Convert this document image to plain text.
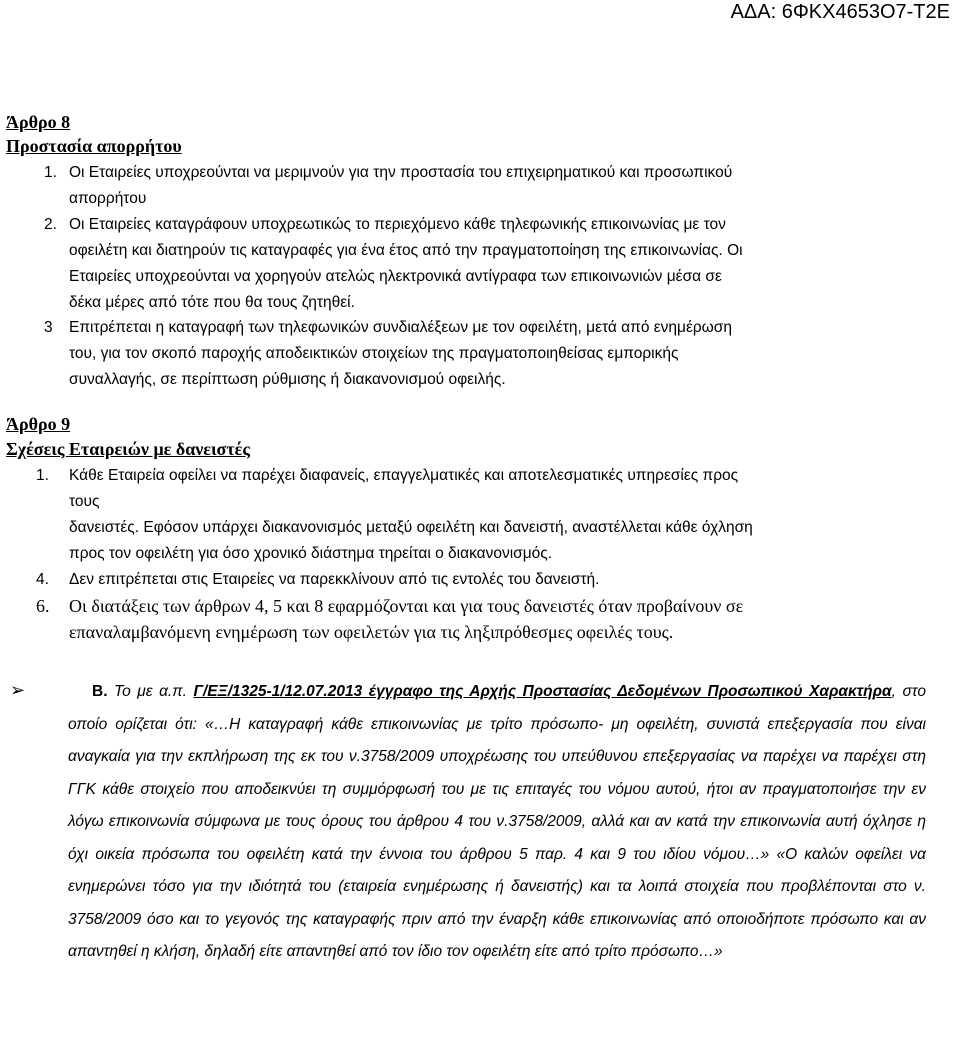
ΑΔΑ: 6ΦΚΧ4653Ο7-Τ2Ε
Άρθρο 8
Προστασία απορρήτου
1. Οι Εταιρείες υποχρεούνται να μεριμνούν για την προστασία του επιχειρηματικού και προσωπικού
απορρήτου
2. Οι Εταιρείες καταγράφουν υποχρεωτικώς το περιεχόμενο κάθε τηλεφωνικής επικοινωνίας με τον
οφειλέτη και διατηρούν τις καταγραφές για ένα έτος από την πραγματοποίηση της επικοινωνίας. Οι
Εταιρείες υποχρεούνται να χορηγούν ατελώς ηλεκτρονικά αντίγραφα των επικοινωνιών μέσα σε
δέκα μέρες από τότε που θα τους ζητηθεί.
3 Επιτρέπεται η καταγραφή των τηλεφωνικών συνδιαλέξεων με τον οφειλέτη, μετά από ενημέρωση
του, για τον σκοπό παροχής αποδεικτικών στοιχείων της πραγματοποιηθείσας εμπορικής
συναλλαγής, σε περίπτωση ρύθμισης ή διακανονισμού οφειλής.
Άρθρο 9
Σχέσεις Εταιρειών με δανειστές
1. Κάθε Εταιρεία οφείλει να παρέχει διαφανείς, επαγγελματικές και αποτελεσματικές υπηρεσίες προς
τους
δανειστές. Εφόσον υπάρχει διακανονισμός μεταξύ οφειλέτη και δανειστή, αναστέλλεται κάθε όχληση
προς τον οφειλέτη για όσο χρονικό διάστημα τηρείται ο διακανονισμός.
4. Δεν επιτρέπεται στις Εταιρείες να παρεκκλίνουν από τις εντολές του δανειστή.
6. Οι διατάξεις των άρθρων 4, 5 και 8 εφαρμόζονται και για τους δανειστές όταν προβαίνουν σε
επαναλαμβανόμενη ενημέρωση των οφειλετών για τις ληξιπρόθεσμες οφειλές τους.
➢	Β. Το με α.π. Γ/ΕΞ/1325-1/12.07.2013 έγγραφο της Αρχής Προστασίας Δεδομένων Προσωπικού Χαρακτήρα, στο οποίο ορίζεται ότι: «…Η καταγραφή κάθε επικοινωνίας με τρίτο πρόσωπο- μη οφειλέτη, συνιστά επεξεργασία που είναι αναγκαία για την εκπλήρωση της εκ του ν.3758/2009 υποχρέωσης του υπεύθυνου επεξεργασίας να παρέχει να παρέχει στη ΓΓΚ κάθε στοιχείο που αποδεικνύει τη συμμόρφωσή του με τις επιταγές του νόμου αυτού, ήτοι αν πραγματοποιήσε την εν λόγω επικοινωνία σύμφωνα με τους όρους του άρθρου 4 του ν.3758/2009, αλλά και αν κατά την επικοινωνία αυτή όχλησε η όχι οικεία πρόσωπα του οφειλέτη κατά την έννοια του άρθρου 5 παρ. 4 και 9 του ιδίου νόμου…» «Ο καλών οφείλει να ενημερώνει τόσο για την ιδιότητά του (εταιρεία ενημέρωσης ή δανειστής) και τα λοιπά στοιχεία που προβλέπονται στο ν. 3758/2009 όσο και το γεγονός της καταγραφής πριν από την έναρξη κάθε επικοινωνίας από οποιοδήποτε πρόσωπο και αν απαντηθεί η κλήση, δηλαδή είτε απαντηθεί από τον ίδιο τον οφειλέτη είτε από τρίτο πρόσωπο…»
